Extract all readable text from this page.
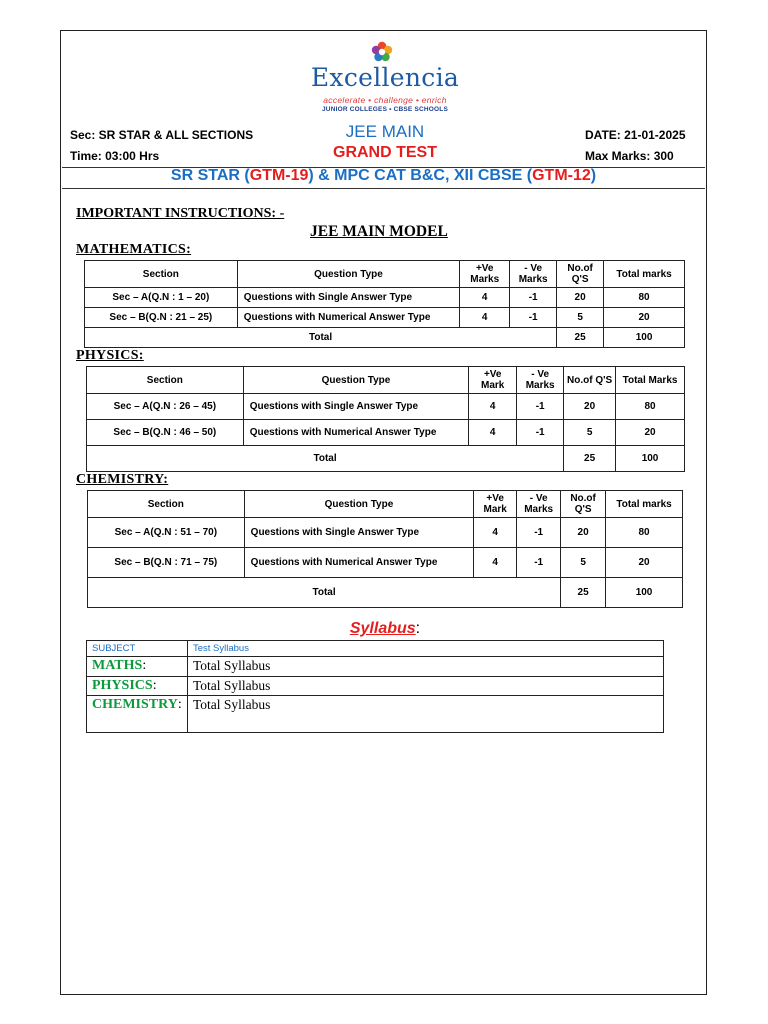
Excellencia
accelerate • challenge • enrich
JUNIOR COLLEGES • CBSE SCHOOLS
Sec: SR STAR & ALL SECTIONS
Time: 03:00 Hrs
JEE MAIN
GRAND TEST
DATE: 21-01-2025
Max Marks: 300
SR STAR (GTM-19) & MPC CAT B&C, XII CBSE (GTM-12)
IMPORTANT INSTRUCTIONS: -
JEE MAIN MODEL
MATHEMATICS:
Section	Question Type	+Ve Marks	- Ve Marks	No.of Q'S	Total marks
Sec – A(Q.N : 1 – 20)	Questions with Single Answer Type	4	-1	20	80
Sec – B(Q.N : 21 – 25)	Questions with Numerical Answer Type	4	-1	5	20
Total				25	100
PHYSICS:
Section	Question Type	+Ve Mark	- Ve Marks	No.of Q'S	Total Marks
Sec – A(Q.N : 26 – 45)	Questions with Single Answer Type	4	-1	20	80
Sec – B(Q.N : 46 – 50)	Questions with Numerical Answer Type	4	-1	5	20
Total				25	100
CHEMISTRY:
Section	Question Type	+Ve Mark	- Ve Marks	No.of Q'S	Total marks
Sec – A(Q.N : 51 – 70)	Questions with Single Answer Type	4	-1	20	80
Sec – B(Q.N : 71 – 75)	Questions with Numerical Answer Type	4	-1	5	20
Total				25	100
Syllabus:
SUBJECT	Test Syllabus
MATHS:	Total Syllabus
PHYSICS:	Total Syllabus
CHEMISTRY:	Total Syllabus
